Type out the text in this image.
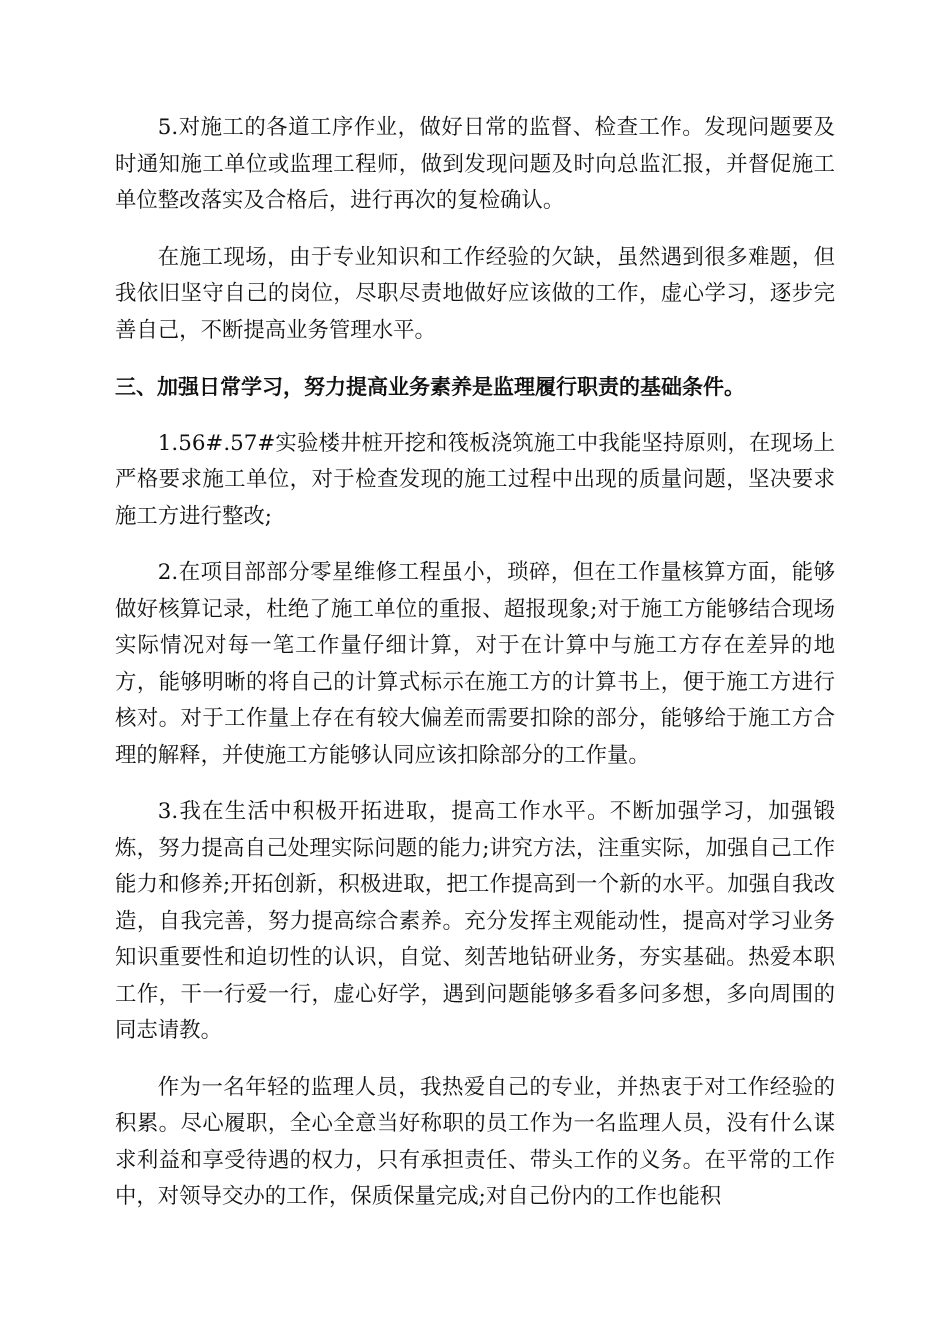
5.对施工的各道工序作业，做好日常的监督、检查工作。发现问题要及时通知施工单位或监理工程师，做到发现问题及时向总监汇报，并督促施工单位整改落实及合格后，进行再次的复检确认。

在施工现场，由于专业知识和工作经验的欠缺，虽然遇到很多难题，但我依旧坚守自己的岗位，尽职尽责地做好应该做的工作，虚心学习，逐步完善自己，不断提高业务管理水平。

三、加强日常学习，努力提高业务素养是监理履行职责的基础条件。

1.56#.57#实验楼井桩开挖和筏板浇筑施工中我能坚持原则，在现场上严格要求施工单位，对于检查发现的施工过程中出现的质量问题，坚决要求施工方进行整改;

2.在项目部部分零星维修工程虽小，琐碎，但在工作量核算方面，能够做好核算记录，杜绝了施工单位的重报、超报现象;对于施工方能够结合现场实际情况对每一笔工作量仔细计算，对于在计算中与施工方存在差异的地方，能够明晰的将自己的计算式标示在施工方的计算书上，便于施工方进行核对。对于工作量上存在有较大偏差而需要扣除的部分，能够给于施工方合理的解释，并使施工方能够认同应该扣除部分的工作量。

3.我在生活中积极开拓进取，提高工作水平。不断加强学习，加强锻炼，努力提高自己处理实际问题的能力;讲究方法，注重实际，加强自己工作能力和修养;开拓创新，积极进取，把工作提高到一个新的水平。加强自我改造，自我完善，努力提高综合素养。充分发挥主观能动性，提高对学习业务知识重要性和迫切性的认识，自觉、刻苦地钻研业务，夯实基础。热爱本职工作，干一行爱一行，虚心好学，遇到问题能够多看多问多想，多向周围的同志请教。

作为一名年轻的监理人员，我热爱自己的专业，并热衷于对工作经验的积累。尽心履职，全心全意当好称职的员工作为一名监理人员，没有什么谋求利益和享受待遇的权力，只有承担责任、带头工作的义务。在平常的工作中，对领导交办的工作，保质保量完成;对自己份内的工作也能积
